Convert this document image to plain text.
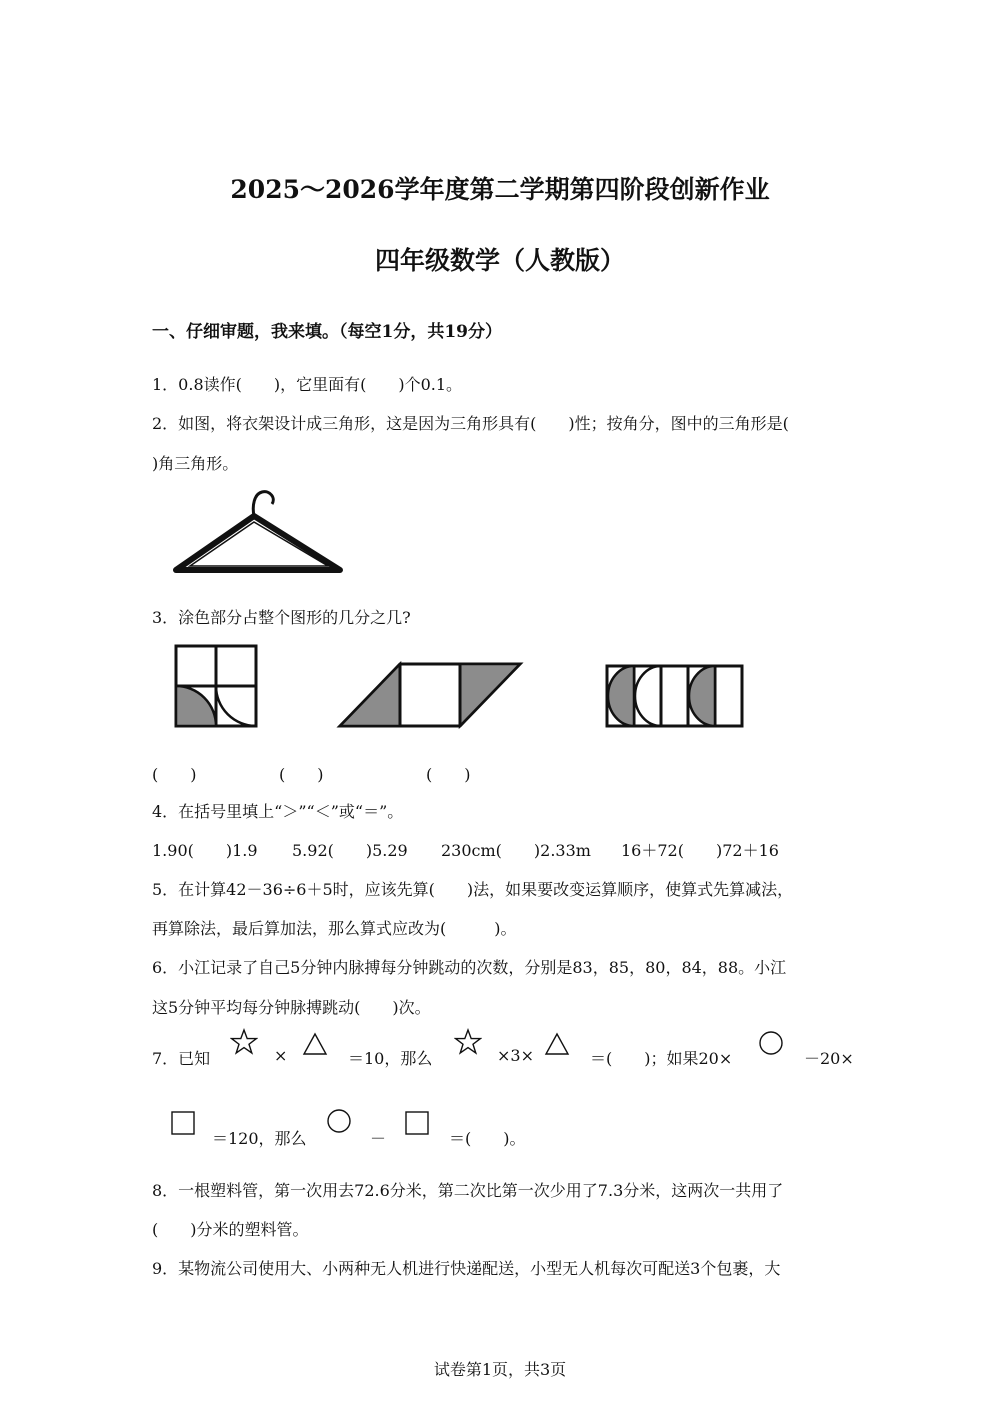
2025～2026学年度第二学期第四阶段创新作业
四年级数学（人教版）
一、仔细审题，我来填。（每空1分，共19分）
1．0.8读作(　　)，它里面有(　　)个0.1。
2．如图，将衣架设计成三角形，这是因为三角形具有(　　)性；按角分，图中的三角形是(
)角三角形。
3．涂色部分占整个图形的几分之几?
(　　)	(　　)	(　　)
4．在括号里填上“＞”“＜”或“＝”。
1.90(　　)1.9 5.92(　　)5.29 230cm(　　)2.33m 16＋72(　　)72＋16
5．在计算42－36÷6＋5时，应该先算(　　)法，如果要改变运算顺序，使算式先算减法，
再算除法，最后算加法，那么算式应改为(　　　)。
6．小江记录了自己5分钟内脉搏每分钟跳动的次数，分别是83，85，80，84，88。小江
这5分钟平均每分钟脉搏跳动(　　)次。
7．已知	×	＝10，那么	×3×	＝(　　)；如果20×	－20×
＝120，那么	－	＝(　　)。
8．一根塑料管，第一次用去72.6分米，第二次比第一次少用了7.3分米，这两次一共用了
(　　)分米的塑料管。
9．某物流公司使用大、小两种无人机进行快递配送，小型无人机每次可配送3个包裹，大
试卷第1页，共3页
